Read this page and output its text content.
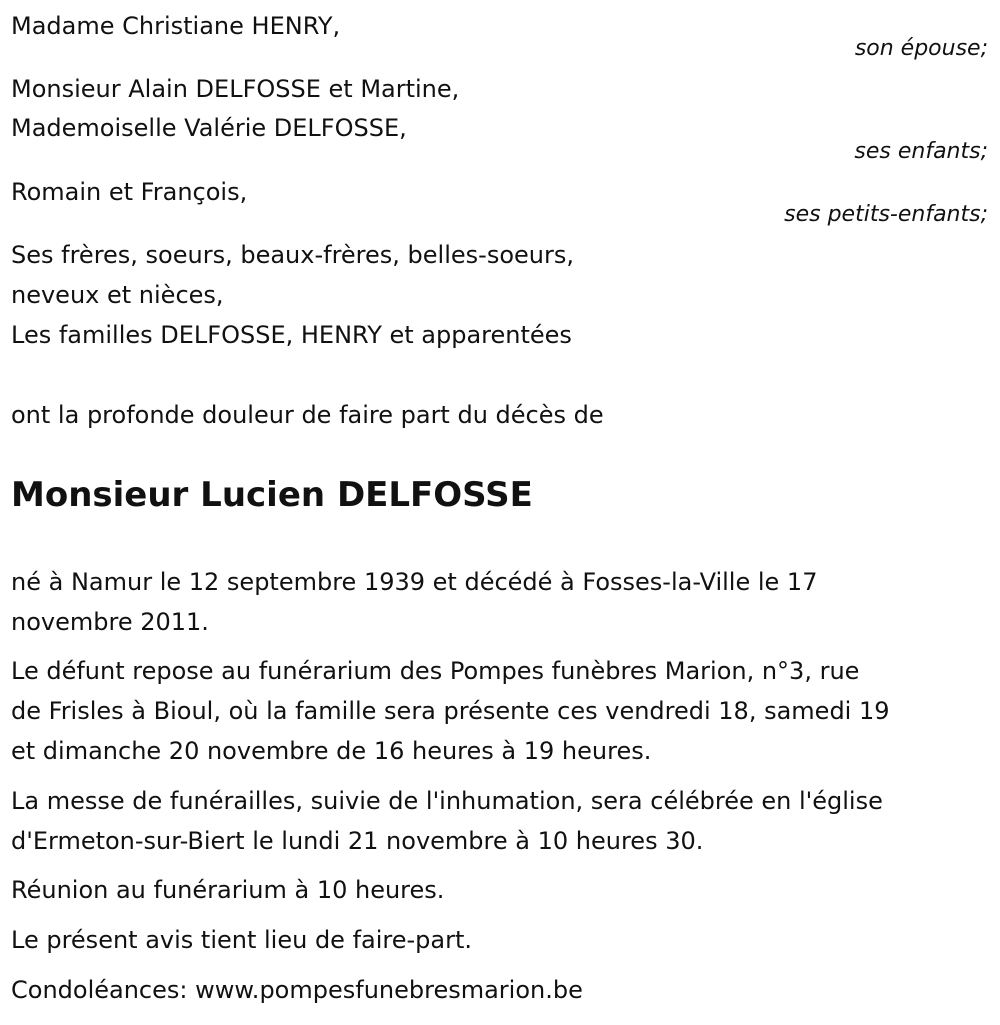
Madame Christiane HENRY,

son épouse;

Monsieur Alain DELFOSSE et Martine,

Mademoiselle Valérie DELFOSSE,

ses enfants;

Romain et François,

ses petits-enfants;

Ses frères, soeurs, beaux-frères, belles-soeurs,

neveux et nièces,

Les familles DELFOSSE, HENRY et apparentées

ont la profonde douleur de faire part du décès de

Monsieur Lucien DELFOSSE

né à Namur le 12 septembre 1939 et décédé à Fosses-la-Ville le 17

novembre 2011.

Le défunt repose au funérarium des Pompes funèbres Marion, n°3, rue

de Frisles à Bioul, où la famille sera présente ces vendredi 18, samedi 19

et dimanche 20 novembre de 16 heures à 19 heures.

La messe de funérailles, suivie de l'inhumation, sera célébrée en l'église

d'Ermeton-sur-Biert le lundi 21 novembre à 10 heures 30.

Réunion au funérarium à 10 heures.

Le présent avis tient lieu de faire-part.

Condoléances: www.pompesfunebresmarion.be
